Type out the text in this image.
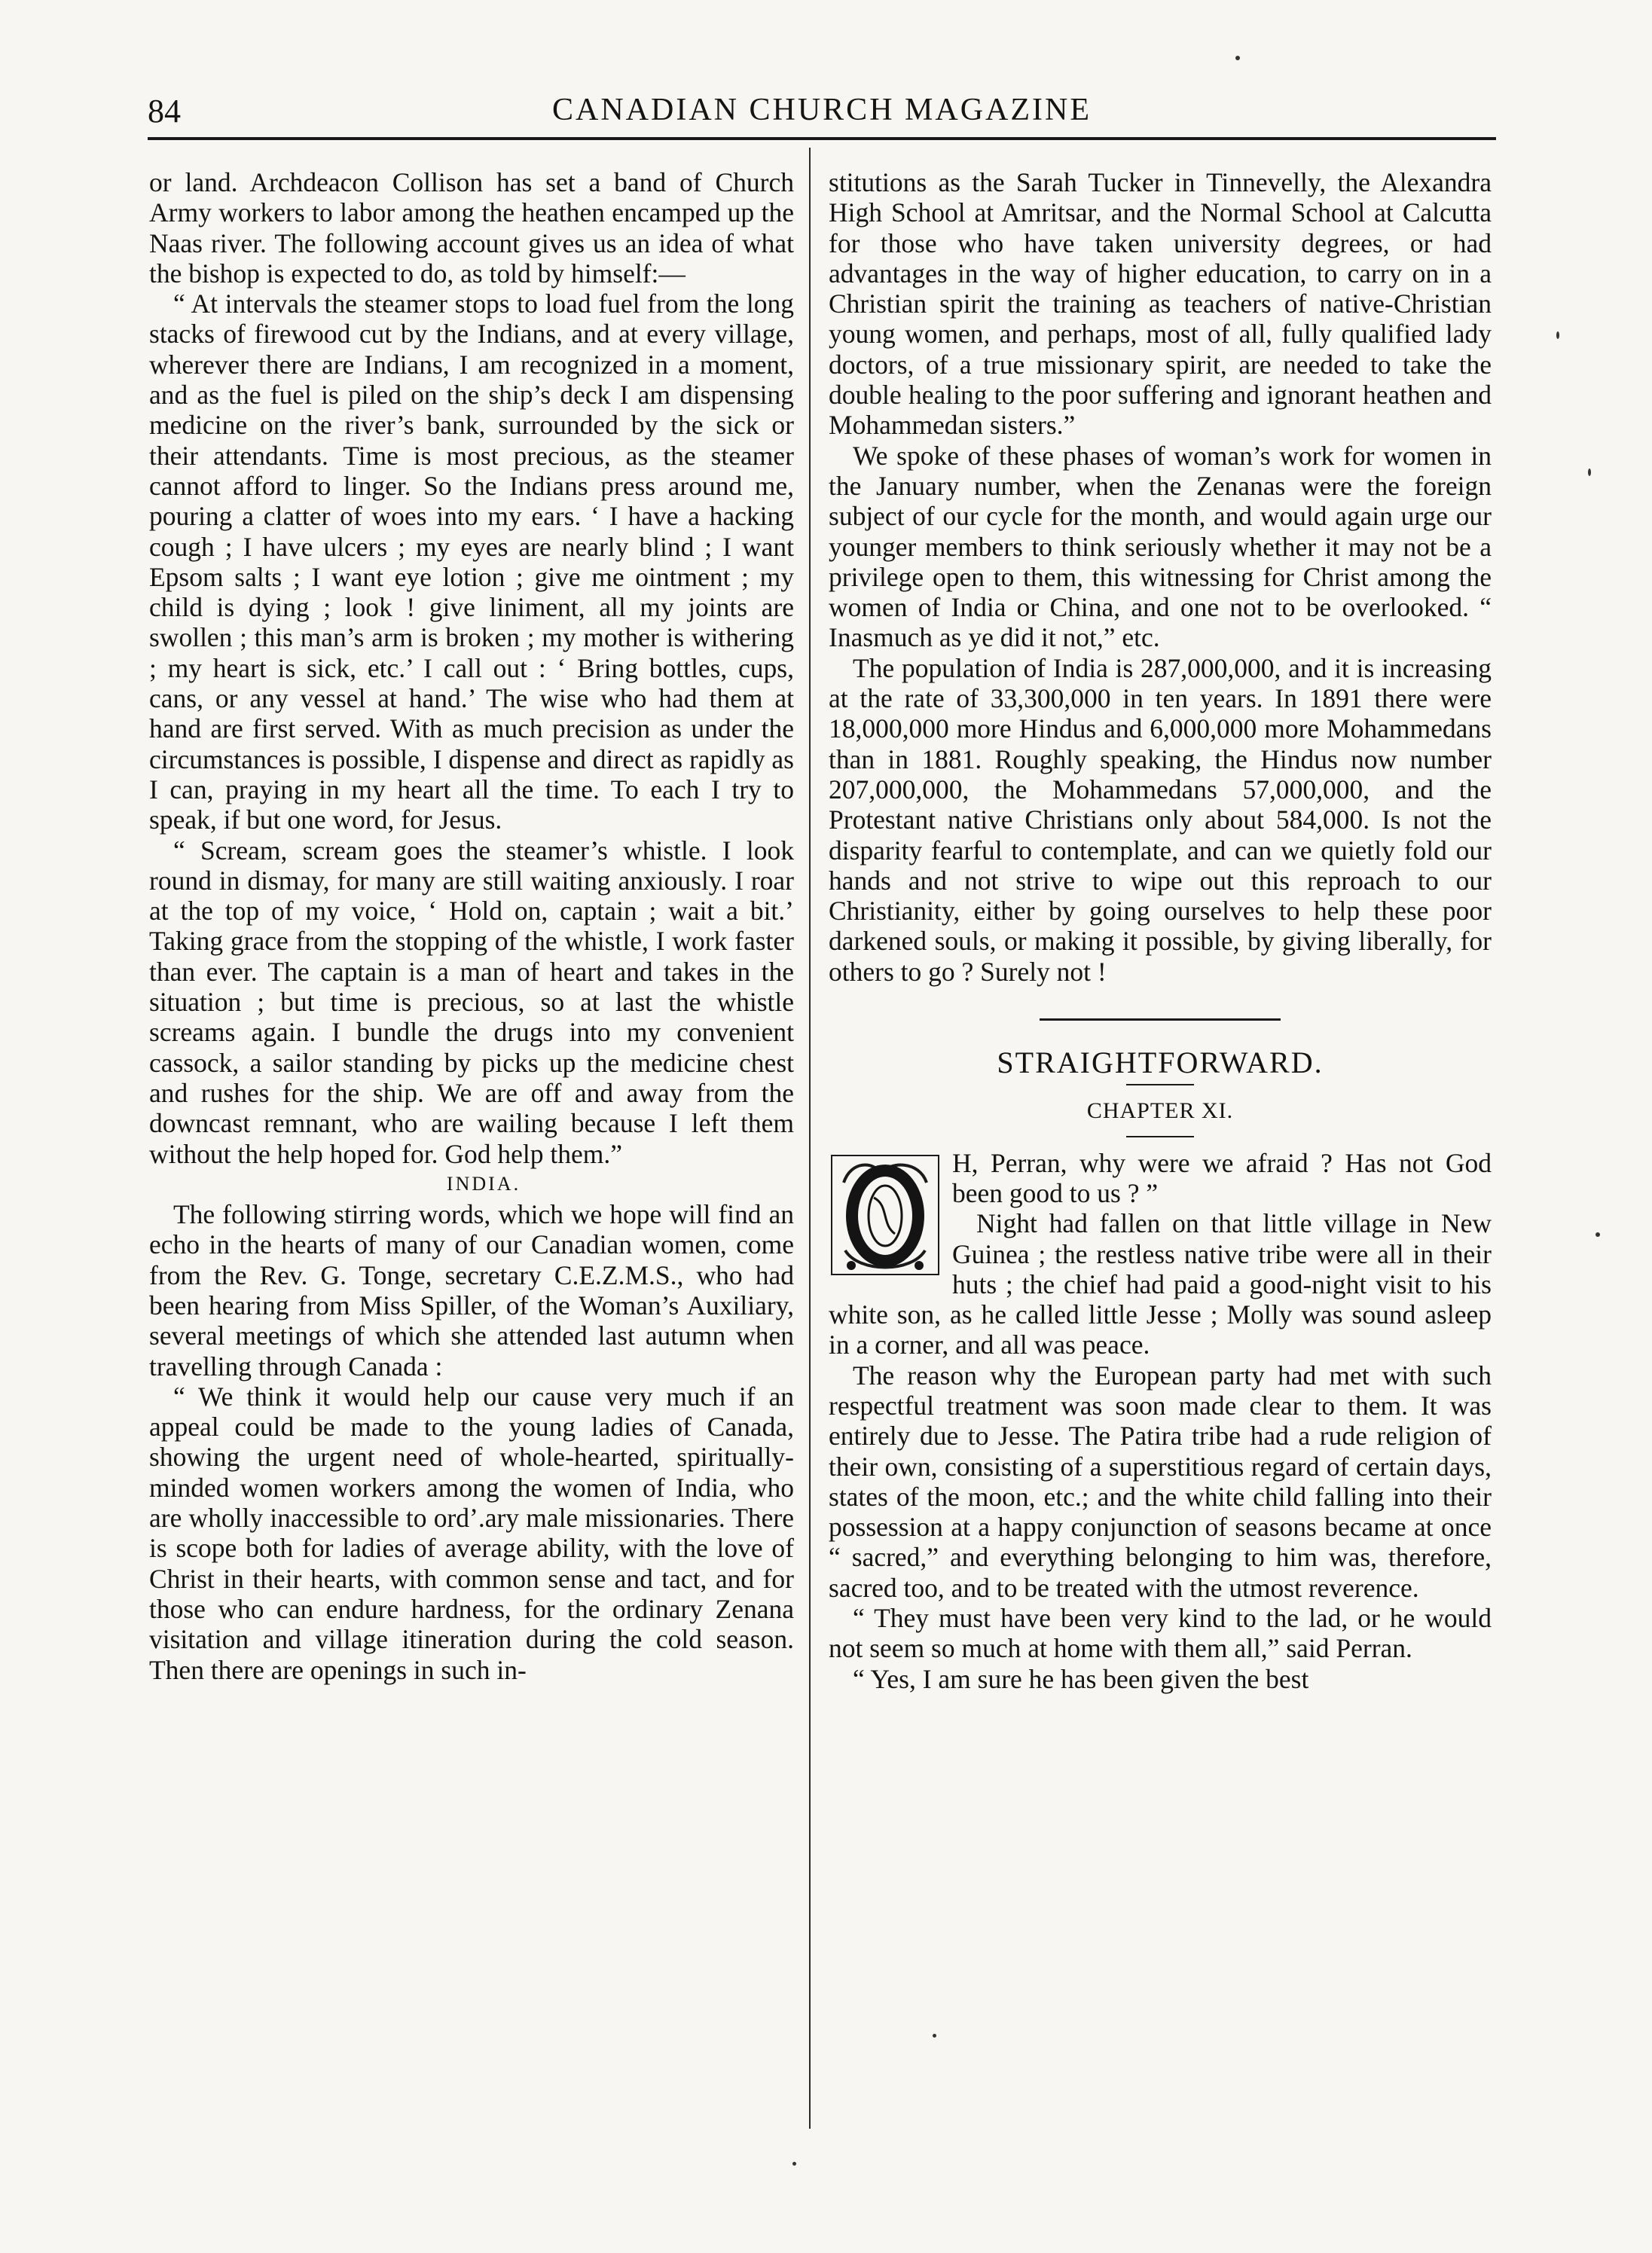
84	CANADIAN CHURCH MAGAZINE

or land. Archdeacon Collison has set a band of Church Army workers to labor among the heathen encamped up the Naas river. The following account gives us an idea of what the bishop is expected to do, as told by himself:—

“ At intervals the steamer stops to load fuel from the long stacks of firewood cut by the Indians, and at every village, wherever there are Indians, I am recognized in a moment, and as the fuel is piled on the ship’s deck I am dispensing medicine on the river’s bank, surrounded by the sick or their attendants. Time is most precious, as the steamer cannot afford to linger. So the Indians press around me, pouring a clatter of woes into my ears. ‘ I have a hacking cough ; I have ulcers ; my eyes are nearly blind ; I want Epsom salts ; I want eye lotion ; give me ointment ; my child is dying ; look ! give liniment, all my joints are swollen ; this man’s arm is broken ; my mother is withering ; my heart is sick, etc.’ I call out : ‘ Bring bottles, cups, cans, or any vessel at hand.’ The wise who had them at hand are first served. With as much precision as under the circumstances is possible, I dispense and direct as rapidly as I can, praying in my heart all the time. To each I try to speak, if but one word, for Jesus.

“ Scream, scream goes the steamer’s whistle. I look round in dismay, for many are still waiting anxiously. I roar at the top of my voice, ‘ Hold on, captain ; wait a bit.’ Taking grace from the stopping of the whistle, I work faster than ever. The captain is a man of heart and takes in the situation ; but time is precious, so at last the whistle screams again. I bundle the drugs into my convenient cassock, a sailor standing by picks up the medicine chest and rushes for the ship. We are off and away from the downcast remnant, who are wailing because I left them without the help hoped for. God help them.”

INDIA.

The following stirring words, which we hope will find an echo in the hearts of many of our Canadian women, come from the Rev. G. Tonge, secretary C.E.Z.M.S., who had been hearing from Miss Spiller, of the Woman’s Auxiliary, several meetings of which she attended last autumn when travelling through Canada :

“ We think it would help our cause very much if an appeal could be made to the young ladies of Canada, showing the urgent need of whole-hearted, spiritually-minded women workers among the women of India, who are wholly inaccessible to ord’.ary male missionaries. There is scope both for ladies of average ability, with the love of Christ in their hearts, with common sense and tact, and for those who can endure hardness, for the ordinary Zenana visitation and village itineration during the cold season. Then there are openings in such in-

stitutions as the Sarah Tucker in Tinnevelly, the Alexandra High School at Amritsar, and the Normal School at Calcutta for those who have taken university degrees, or had advantages in the way of higher education, to carry on in a Christian spirit the training as teachers of native-Christian young women, and perhaps, most of all, fully qualified lady doctors, of a true missionary spirit, are needed to take the double healing to the poor suffering and ignorant heathen and Mohammedan sisters.”

We spoke of these phases of woman’s work for women in the January number, when the Zenanas were the foreign subject of our cycle for the month, and would again urge our younger members to think seriously whether it may not be a privilege open to them, this witnessing for Christ among the women of India or China, and one not to be overlooked. “ Inasmuch as ye did it not,” etc.

The population of India is 287,000,000, and it is increasing at the rate of 33,300,000 in ten years. In 1891 there were 18,000,000 more Hindus and 6,000,000 more Mohammedans than in 1881. Roughly speaking, the Hindus now number 207,000,000, the Mohammedans 57,000,000, and the Protestant native Christians only about 584,000. Is not the disparity fearful to contemplate, and can we quietly fold our hands and not strive to wipe out this reproach to our Christianity, either by going ourselves to help these poor darkened souls, or making it possible, by giving liberally, for others to go ? Surely not !

STRAIGHTFORWARD.
CHAPTER XI.

H, Perran, why were we afraid ? Has not God been good to us ? ”

Night had fallen on that little village in New Guinea ; the restless native tribe were all in their huts ; the chief had paid a good-night visit to his white son, as he called little Jesse ; Molly was sound asleep in a corner, and all was peace.

The reason why the European party had met with such respectful treatment was soon made clear to them. It was entirely due to Jesse. The Patira tribe had a rude religion of their own, consisting of a superstitious regard of certain days, states of the moon, etc.; and the white child falling into their possession at a happy conjunction of seasons became at once “ sacred,” and everything belonging to him was, therefore, sacred too, and to be treated with the utmost reverence.

“ They must have been very kind to the lad, or he would not seem so much at home with them all,” said Perran.

“ Yes, I am sure he has been given the best
